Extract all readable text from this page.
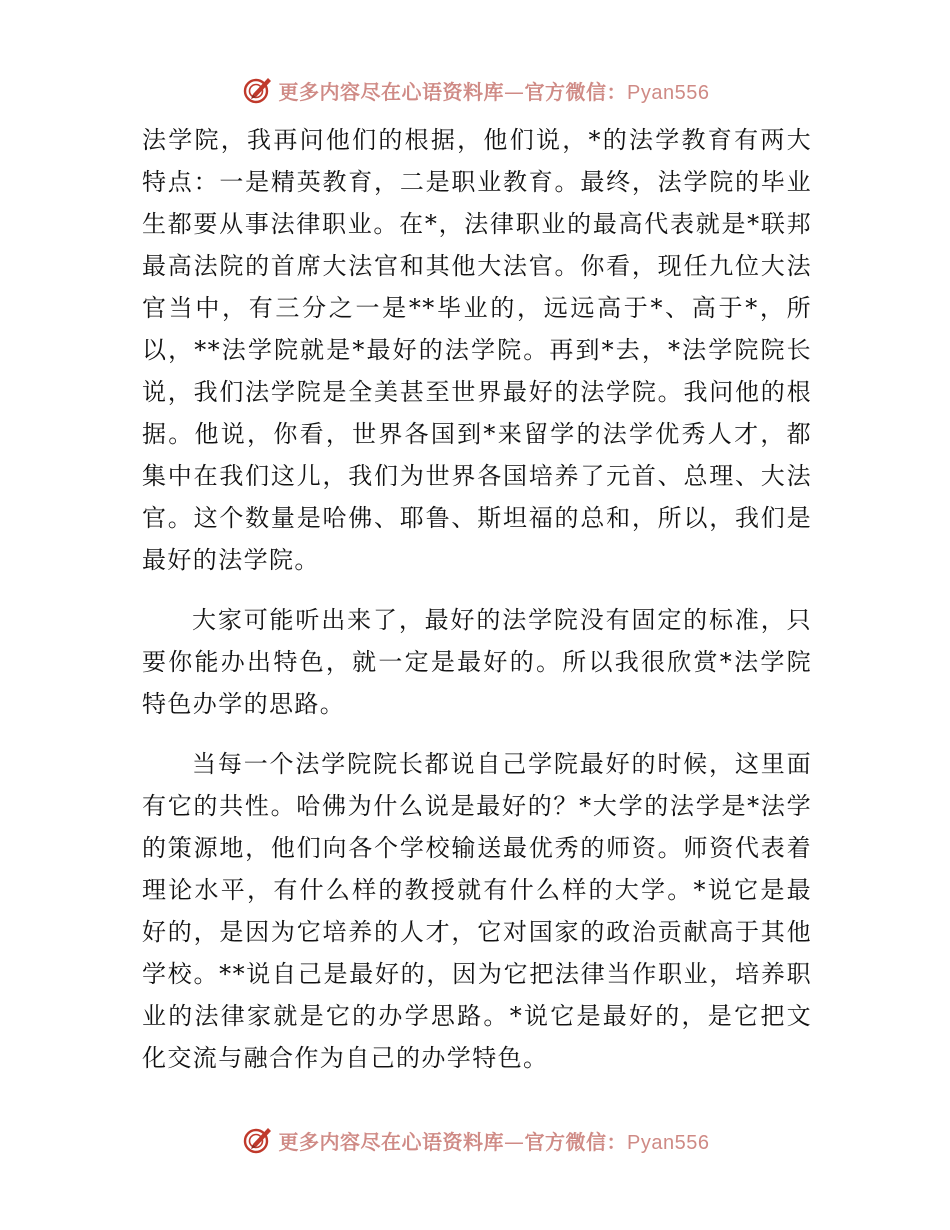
更多内容尽在心语资料库—官方微信：Pyan556

法学院，我再问他们的根据，他们说，*的法学教育有两大特点：一是精英教育，二是职业教育。最终，法学院的毕业生都要从事法律职业。在*，法律职业的最高代表就是*联邦最高法院的首席大法官和其他大法官。你看，现任九位大法官当中，有三分之一是**毕业的，远远高于*、高于*，所以，**法学院就是*最好的法学院。再到*去，*法学院院长说，我们法学院是全美甚至世界最好的法学院。我问他的根据。他说，你看，世界各国到*来留学的法学优秀人才，都集中在我们这儿，我们为世界各国培养了元首、总理、大法官。这个数量是哈佛、耶鲁、斯坦福的总和，所以，我们是最好的法学院。

大家可能听出来了，最好的法学院没有固定的标准，只要你能办出特色，就一定是最好的。所以我很欣赏*法学院特色办学的思路。

当每一个法学院院长都说自己学院最好的时候，这里面有它的共性。哈佛为什么说是最好的？*大学的法学是*法学的策源地，他们向各个学校输送最优秀的师资。师资代表着理论水平，有什么样的教授就有什么样的大学。*说它是最好的，是因为它培养的人才，它对国家的政治贡献高于其他学校。**说自己是最好的，因为它把法律当作职业，培养职业的法律家就是它的办学思路。*说它是最好的，是它把文化交流与融合作为自己的办学特色。

更多内容尽在心语资料库—官方微信：Pyan556
